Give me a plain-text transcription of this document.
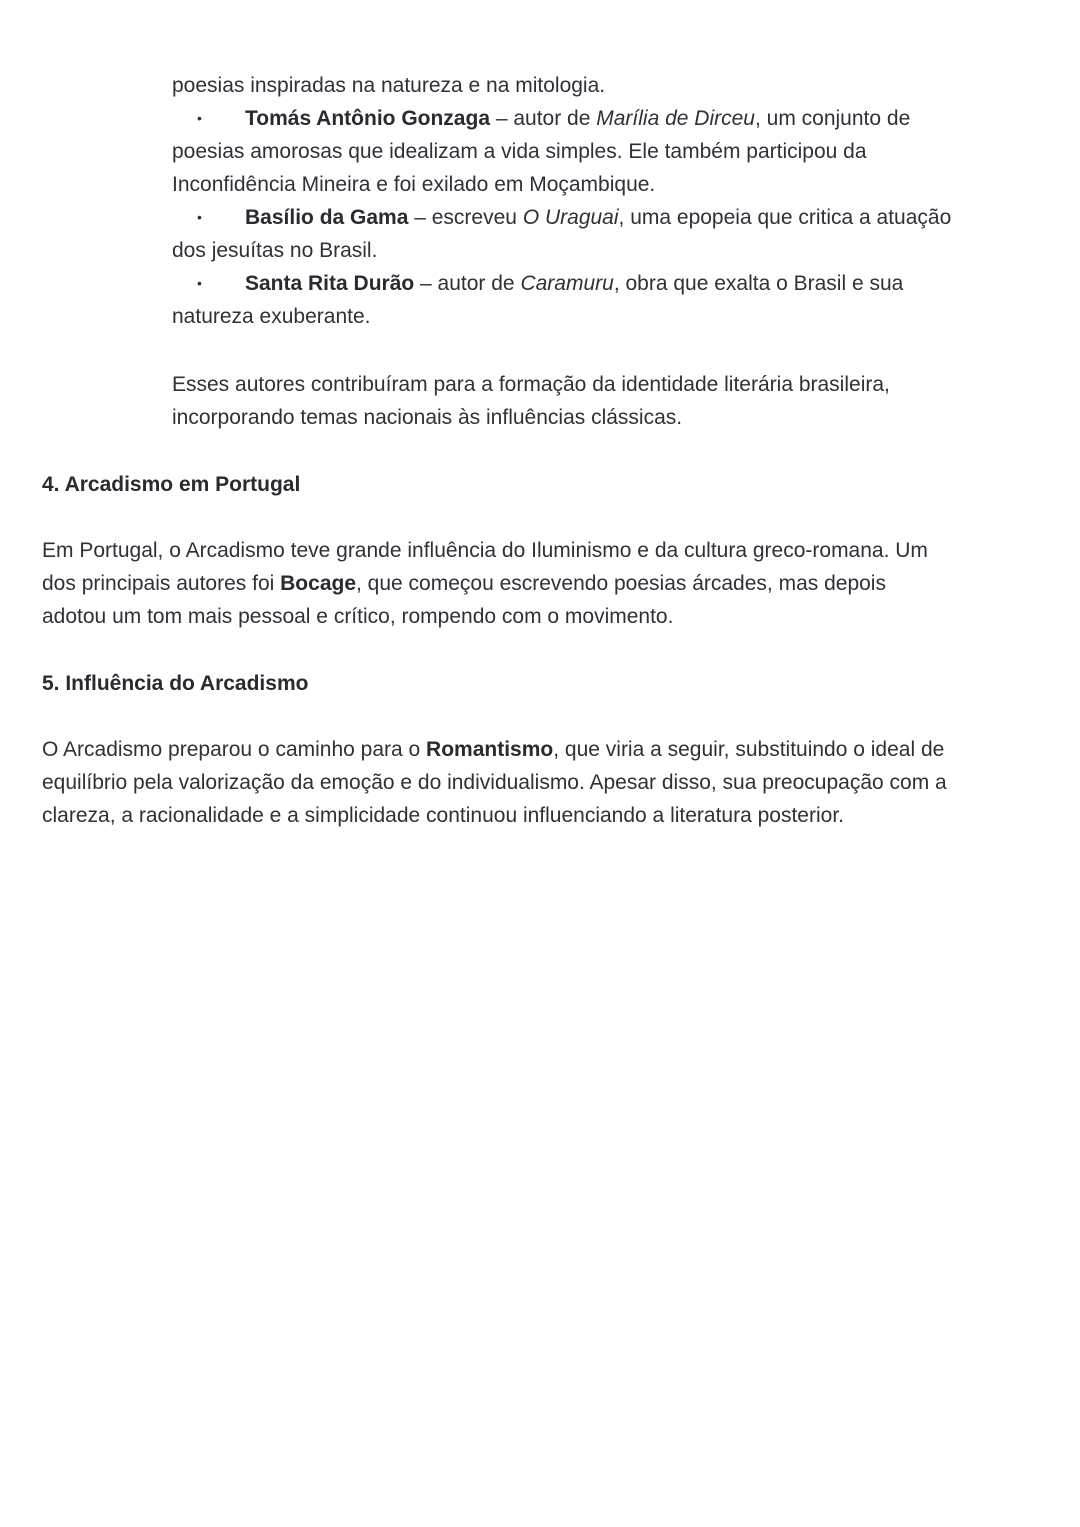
poesias inspiradas na natureza e na mitologia.
• Tomás Antônio Gonzaga – autor de Marília de Dirceu, um conjunto de
poesias amorosas que idealizam a vida simples. Ele também participou da
Inconfidência Mineira e foi exilado em Moçambique.
• Basílio da Gama – escreveu O Uraguai, uma epopeia que critica a atuação
dos jesuítas no Brasil.
• Santa Rita Durão – autor de Caramuru, obra que exalta o Brasil e sua
natureza exuberante.
Esses autores contribuíram para a formação da identidade literária brasileira,
incorporando temas nacionais às influências clássicas.
4. Arcadismo em Portugal
Em Portugal, o Arcadismo teve grande influência do Iluminismo e da cultura greco-romana. Um
dos principais autores foi Bocage, que começou escrevendo poesias árcades, mas depois
adotou um tom mais pessoal e crítico, rompendo com o movimento.
5. Influência do Arcadismo
O Arcadismo preparou o caminho para o Romantismo, que viria a seguir, substituindo o ideal de
equilíbrio pela valorização da emoção e do individualismo. Apesar disso, sua preocupação com a
clareza, a racionalidade e a simplicidade continuou influenciando a literatura posterior.
